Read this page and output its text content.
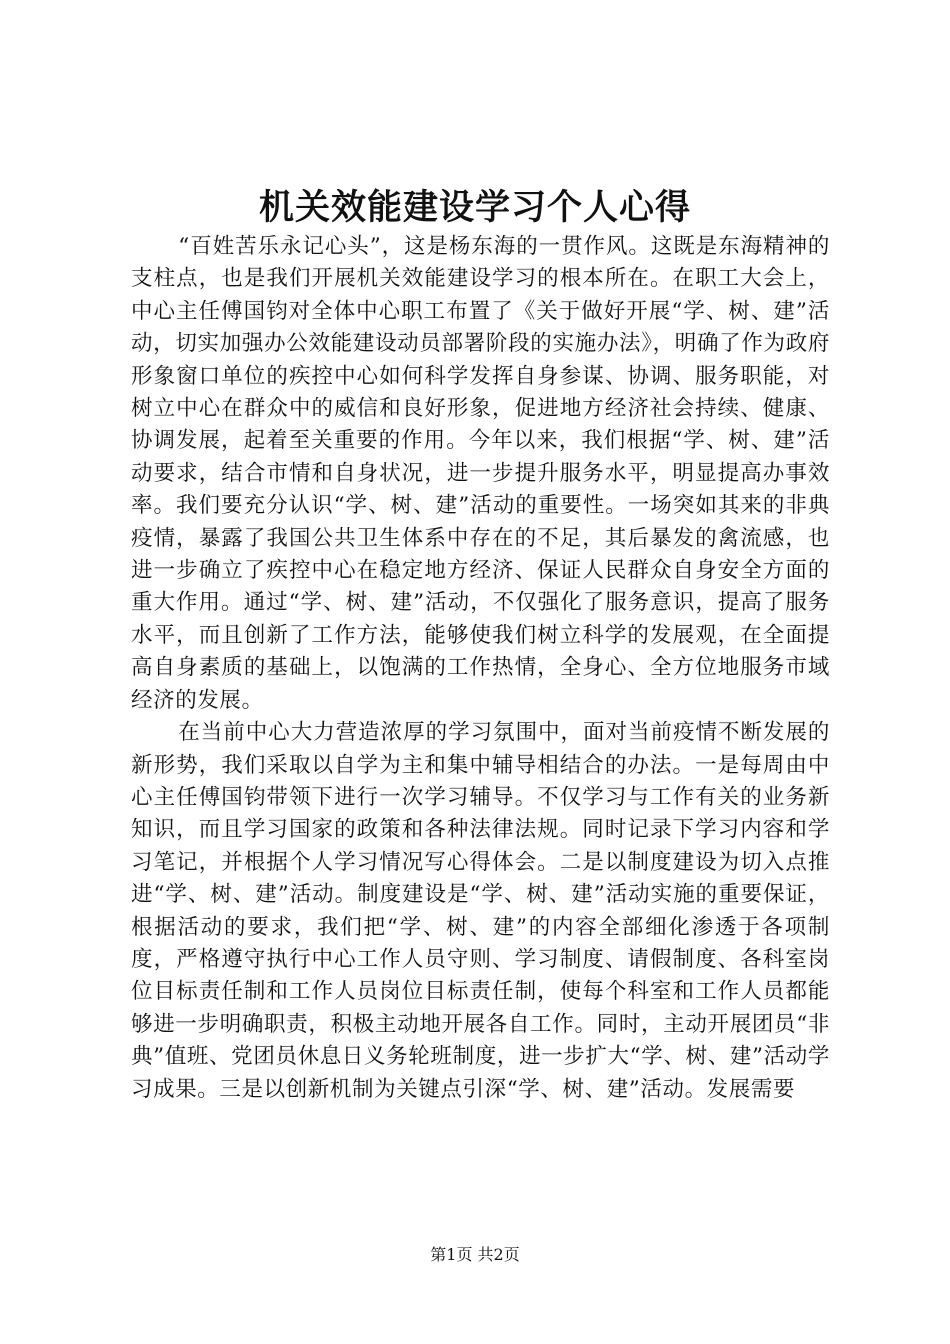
机关效能建设学习个人心得

“百姓苦乐永记心头”，这是杨东海的一贯作风。这既是东海精神的支柱点，也是我们开展机关效能建设学习的根本所在。在职工大会上，中心主任傅国钧对全体中心职工布置了《关于做好开展“学、树、建”活动，切实加强办公效能建设动员部署阶段的实施办法》，明确了作为政府形象窗口单位的疾控中心如何科学发挥自身参谋、协调、服务职能，对树立中心在群众中的威信和良好形象，促进地方经济社会持续、健康、协调发展，起着至关重要的作用。今年以来，我们根据“学、树、建”活动要求，结合市情和自身状况，进一步提升服务水平，明显提高办事效率。我们要充分认识“学、树、建”活动的重要性。一场突如其来的非典疫情，暴露了我国公共卫生体系中存在的不足，其后暴发的禽流感，也进一步确立了疾控中心在稳定地方经济、保证人民群众自身安全方面的重大作用。通过“学、树、建”活动，不仅强化了服务意识，提高了服务水平，而且创新了工作方法，能够使我们树立科学的发展观，在全面提高自身素质的基础上，以饱满的工作热情，全身心、全方位地服务市域经济的发展。

在当前中心大力营造浓厚的学习氛围中，面对当前疫情不断发展的新形势，我们采取以自学为主和集中辅导相结合的办法。一是每周由中心主任傅国钧带领下进行一次学习辅导。不仅学习与工作有关的业务新知识，而且学习国家的政策和各种法律法规。同时记录下学习内容和学习笔记，并根据个人学习情况写心得体会。二是以制度建设为切入点推进“学、树、建”活动。制度建设是“学、树、建”活动实施的重要保证，根据活动的要求，我们把“学、树、建”的内容全部细化渗透于各项制度，严格遵守执行中心工作人员守则、学习制度、请假制度、各科室岗位目标责任制和工作人员岗位目标责任制，使每个科室和工作人员都能够进一步明确职责，积极主动地开展各自工作。同时，主动开展团员“非典”值班、党团员休息日义务轮班制度，进一步扩大“学、树、建”活动学习成果。三是以创新机制为关键点引深“学、树、建”活动。发展需要

第1页 共2页
